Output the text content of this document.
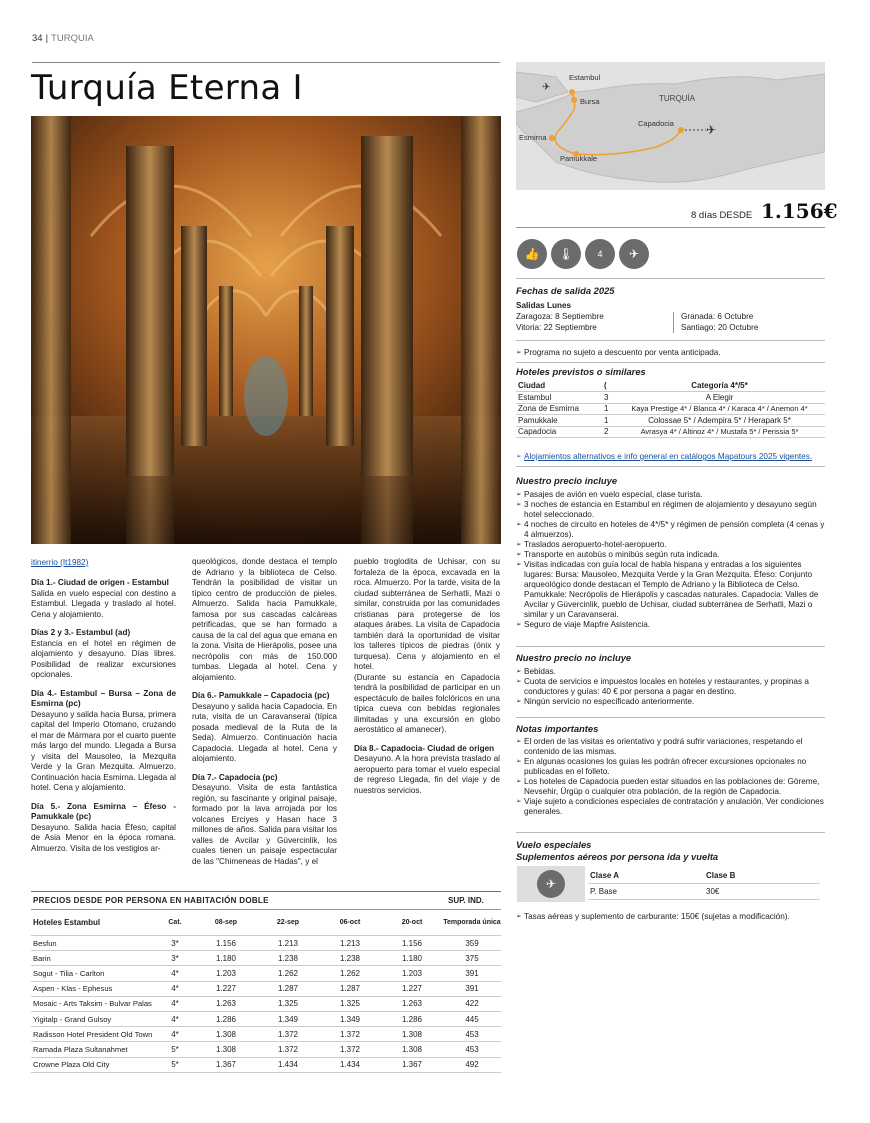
34 | TURQUIA
Turquía Eterna I	✈
✈
Estambul
Bursa
Esmirna
Pamukkale
Capadocia
TURQUÍA
8 días DESDE 1.156€
👍	🌡	4	✈
Fechas de salida 2025
Salidas Lunes
Zaragoza: 8 Septiembre
Vitoria: 22 Septiembre
Granada: 6 Octubre
Santiago: 20 Octubre
➢ Programa no sujeto a descuento por venta anticipada.
Hoteles previstos o similares
Ciudad	(	Categoría 4*/5*
Estambul	3	A Elegir
Zona de Esmirna	1	Kaya Prestige 4* / Blanca 4* / Karaca 4* / Anemon 4*
Pamukkale	1	Colossae 5* / Adempira 5* / Herapark 5*
Capadocia	2	Avrasya 4* / Altinoz 4* / Mustafa 5* / Perissia 5*
➢ Alojamientos alternativos e info general en catálogos Mapatours 2025 vigentes.
Nuestro precio incluye
➢ Pasajes de avión en vuelo especial, clase turista.
➢ 3 noches de estancia en Estambul en régimen de alojamiento y desayuno según hotel seleccionado.
➢ 4 noches de circuito en hoteles de 4*/5* y régimen de pensión completa (4 cenas y 4 almuerzos).
➢ Traslados aeropuerto-hotel-aeropuerto.
➢ Transporte en autobús o minibús según ruta indicada.
➢ Visitas indicadas con guía local de habla hispana y entradas a los siguientes lugares: Bursa: Mausoleo, Mezquita Verde y la Gran Mezquita. Éfeso: Conjunto arqueológico donde destacan el Templo de Adriano y la Biblioteca de Celso. Pamukkale: Necrópolis de Hierápolis y cascadas naturales. Capadocia: Valles de Avcilar y Güvercinlik, pueblo de Uchisar, ciudad subterránea de Serhatli, Mazi o similar y un Caravanserai.
➢ Seguro de viaje Mapfre Asistencia.
Nuestro precio no incluye
➢ Bebidas.
➢ Cuota de servicios e impuestos locales en hoteles y restaurantes, y propinas a conductores y guías: 40 € por persona a pagar en destino.
➢ Ningún servicio no especificado anteriormente.
Notas importantes
➢ El orden de las visitas es orientativo y podrá sufrir variaciones, respetando el contenido de las mismas.
➢ En algunas ocasiones los guías les podrán ofrecer excursiones opcionales no publicadas en el folleto.
➢ Los hoteles de Capadocia pueden estar situados en las poblaciones de: Göreme, Nevsehir, Ürgüp o cualquier otra población, de la región de Capadocia.
➢ Viaje sujeto a condiciones especiales de contratación y anulación. Ver condiciones generales.
Vuelo especiales
Suplementos aéreos por persona ida y vuelta
✈
Clase A	Clase B
P. Base	30€
➢ Tasas aéreas y suplemento de carburante: 150€ (sujetas a modificación).
itinerrio (It1982)

Día 1.- Ciudad de origen - Estambul

Salida en vuelo especial con destino a Estambul. Llegada y traslado al hotel. Cena y alojamiento.

Días 2 y 3.- Estambul (ad)

Estancia en el hotel en régimen de alojamiento y desayuno. Días libres. Posibilidad de realizar excursiones opcionales.

Día 4.- Estambul – Bursa – Zona de Esmirna (pc)

Desayuno y salida hacia Bursa, primera capital del Imperio Otomano, cruzando el mar de Mármara por el cuarto puente más largo del mundo. Llegada a Bursa y visita del Mausoleo, la Mezquita Verde y la Gran Mezquita. Almuerzo. Continuación hacia Esmirna. Llegada al hotel. Cena y alojamiento.

Día 5.- Zona Esmirna – Éfeso - Pamukkale (pc)

Desayuno. Salida hacia Éfeso, capital de Asia Menor en la época romana. Almuerzo. Visita de los vestigios ar-

queológicos, donde destaca el templo de Adriano y la biblioteca de Celso. Tendrán la posibilidad de visitar un típico centro de producción de pieles. Almuerzo. Salida hacia Pamukkale, famosa por sus cascadas calcáreas petrificadas, que se han formado a causa de la cal del agua que emana en la zona. Visita de Hierápolis, posee una necrópolis con más de 150.000 tumbas. Llegada al hotel. Cena y alojamiento.

Día 6.- Pamukkale – Capadocia (pc)

Desayuno y salida hacia Capadocia. En ruta, visita de un Caravanserai (típica posada medieval de la Ruta de la Seda). Almuerzo. Continuación hacia Capadocia. Llegada al hotel. Cena y alojamiento.

Día 7.- Capadocia (pc)

Desayuno. Visita de esta fantástica región, su fascinante y original paisaje, formado por la lava arrojada por los volcanes Erciyes y Hasan hace 3 millones de años. Salida para visitar los valles de Avcilar y Güvercinlik, los cuales tienen un paisaje espectacular de las "Chimeneas de Hadas", y el

pueblo troglodita de Uchisar, con su fortaleza de la época, excavada en la roca. Almuerzo. Por la tarde, visita de la ciudad subterránea de Serhatli, Mazi o similar, construida por las comunidades cristianas para protegerse de los ataques árabes. La visita de Capadocia también dará la oportunidad de visitar los talleres típicos de piedras (ónix y turquesa). Cena y alojamiento en el hotel.

(Durante su estancia en Capadocia tendrá la posibilidad de participar en un espectáculo de bailes folclóricos en una típica cueva con bebidas regionales ilimitadas y una excursión en globo aerostático al amanecer).

Día 8.- Capadocia- Ciudad de origen

Desayuno. A la hora prevista traslado al aeropuerto para tomar el vuelo especial de regreso Llegada, fin del viaje y de nuestros servicios.

PRECIOS DESDE POR PERSONA EN HABITACIÓN DOBLE	SUP. IND.
Hoteles Estambul	Cat.	08-sep	22-sep	06-oct	20-oct	Temporada única
Besfun	3*	1.156	1.213	1.213	1.156	359
Barin	3*	1.180	1.238	1.238	1.180	375
Sogut - Tilia - Carlton	4*	1.203	1.262	1.262	1.203	391
Aspen - Klas - Ephesus	4*	1.227	1.287	1.287	1.227	391
Mosaic - Arts Taksim - Bulvar Palas	4*	1.263	1.325	1.325	1.263	422
Yigitalp - Grand Gulsoy	4*	1.286	1.349	1.349	1.286	445
Radisson Hotel President Old Town	4*	1.308	1.372	1.372	1.308	453
Ramada Plaza Sultanahmet	5*	1.308	1.372	1.372	1.308	453
Crowne Plaza Old City	5*	1.367	1.434	1.434	1.367	492
